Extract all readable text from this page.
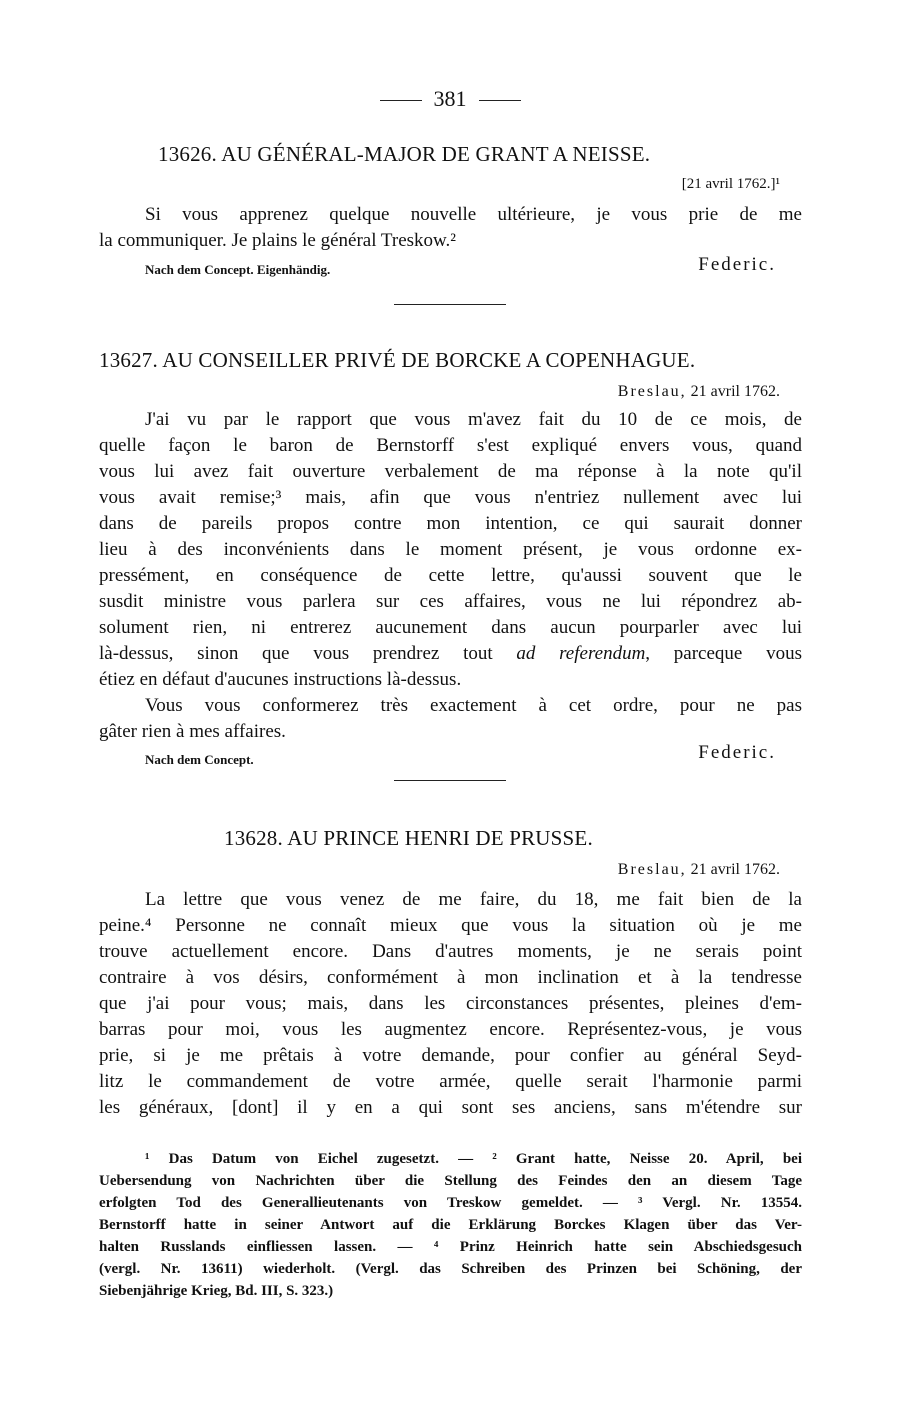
381
13626. AU GÉNÉRAL-MAJOR DE GRANT A NEISSE.
[21 avril 1762.]¹
Si vous apprenez quelque nouvelle ultérieure, je vous prie de me
la communiquer. Je plains le général Treskow.²
Nach dem Concept. Eigenhändig.	Federic.
13627. AU CONSEILLER PRIVÉ DE BORCKE A COPENHAGUE.
Breslau, 21 avril 1762.
J'ai vu par le rapport que vous m'avez fait du 10 de ce mois, de
quelle façon le baron de Bernstorff s'est expliqué envers vous, quand
vous lui avez fait ouverture verbalement de ma réponse à la note qu'il
vous avait remise;³ mais, afin que vous n'entriez nullement avec lui
dans de pareils propos contre mon intention, ce qui saurait donner
lieu à des inconvénients dans le moment présent, je vous ordonne ex-
pressément, en conséquence de cette lettre, qu'aussi souvent que le
susdit ministre vous parlera sur ces affaires, vous ne lui répondrez ab-
solument rien, ni entrerez aucunement dans aucun pourparler avec lui
là-dessus, sinon que vous prendrez tout ad referendum, parceque vous
étiez en défaut d'aucunes instructions là-dessus.
Vous vous conformerez très exactement à cet ordre, pour ne pas
gâter rien à mes affaires.
Nach dem Concept.	Federic.
13628. AU PRINCE HENRI DE PRUSSE.
Breslau, 21 avril 1762.
La lettre que vous venez de me faire, du 18, me fait bien de la
peine.⁴ Personne ne connaît mieux que vous la situation où je me
trouve actuellement encore. Dans d'autres moments, je ne serais point
contraire à vos désirs, conformément à mon inclination et à la tendresse
que j'ai pour vous; mais, dans les circonstances présentes, pleines d'em-
barras pour moi, vous les augmentez encore. Représentez-vous, je vous
prie, si je me prêtais à votre demande, pour confier au général Seyd-
litz le commandement de votre armée, quelle serait l'harmonie parmi
les généraux, [dont] il y en a qui sont ses anciens, sans m'étendre sur
¹ Das Datum von Eichel zugesetzt. — ² Grant hatte, Neisse 20. April, bei
Uebersendung von Nachrichten über die Stellung des Feindes den an diesem Tage
erfolgten Tod des Generallieutenants von Treskow gemeldet. — ³ Vergl. Nr. 13554.
Bernstorff hatte in seiner Antwort auf die Erklärung Borckes Klagen über das Ver-
halten Russlands einfliessen lassen. — ⁴ Prinz Heinrich hatte sein Abschiedsgesuch
(vergl. Nr. 13611) wiederholt. (Vergl. das Schreiben des Prinzen bei Schöning, der
Siebenjährige Krieg, Bd. III, S. 323.)
